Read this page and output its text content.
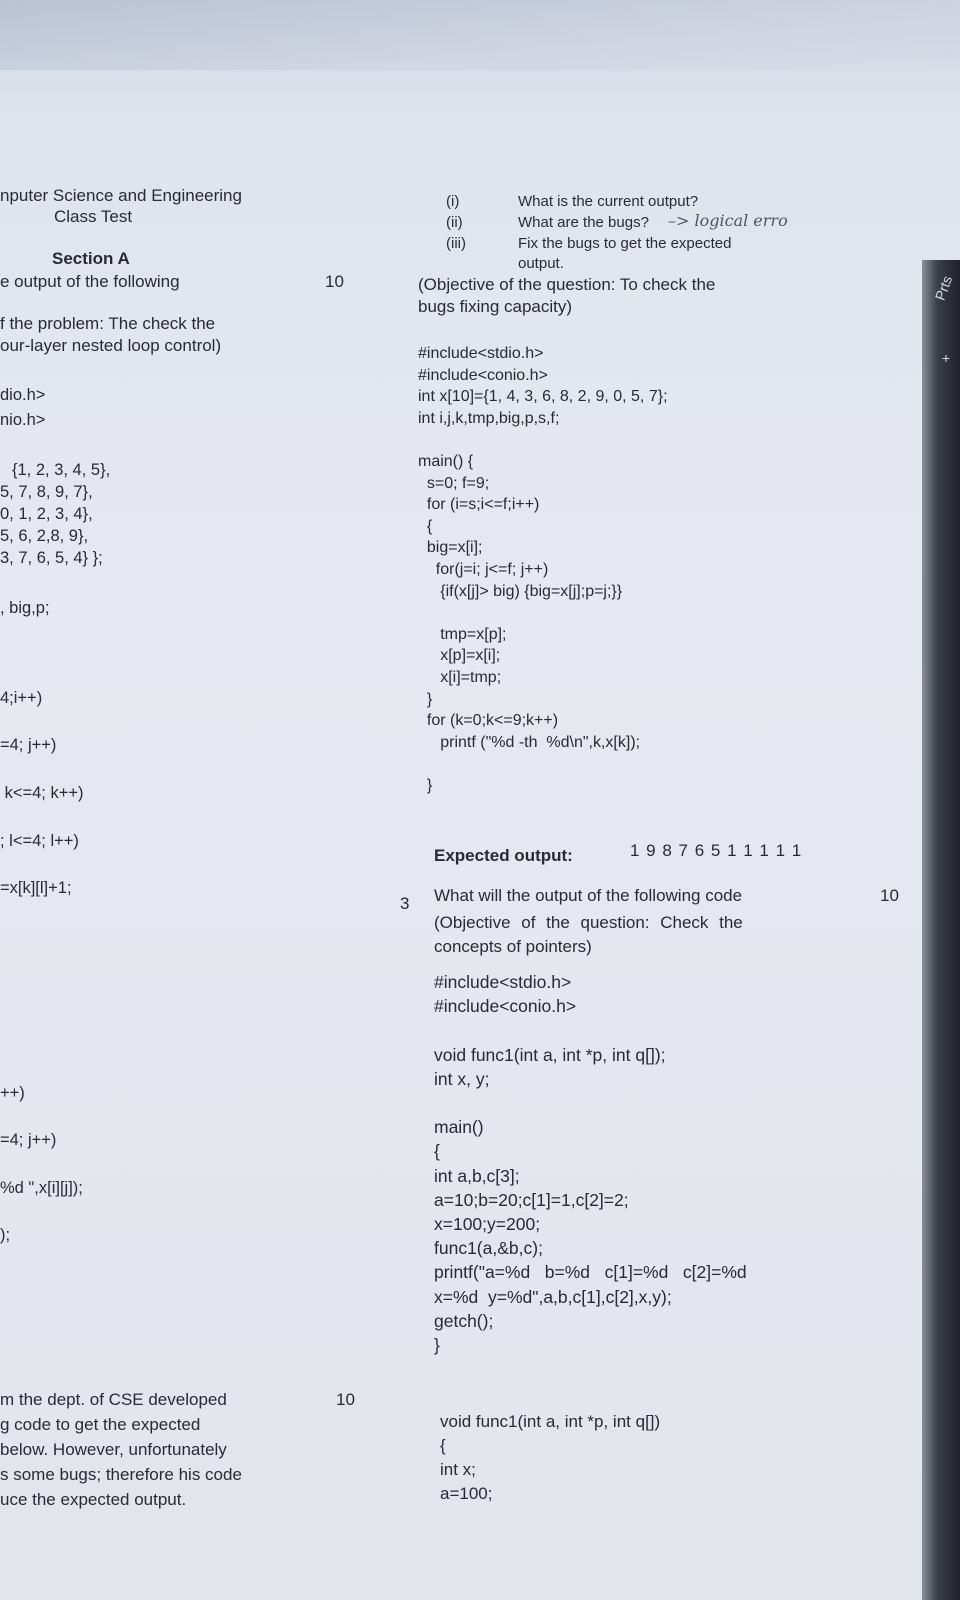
Prts
+
nputer Science and Engineering
Class Test
Section A
e output of the following	10
f the problem: The check the
our-layer nested loop control)
dio.h>
nio.h>
{1, 2, 3, 4, 5},
5, 7, 8, 9, 7},
0, 1, 2, 3, 4},
5, 6, 2,8, 9},
3, 7, 6, 5, 4} };
, big,p;
4;i++)
=4; j++)
k<=4; k++)
; l<=4; l++)
=x[k][l]+1;
++)
=4; j++)
%d ",x[i][j]);
);
10
m the dept. of CSE developed
g code to get the expected
below. However, unfortunately
s some bugs; therefore his code
uce the expected output.
(i)	What is the current output?
(ii)	What are the bugs? –> logical erro
(iii)	Fix the bugs to get the expected
output.
(Objective of the question: To check the
bugs fixing capacity)
#include<stdio.h>
#include<conio.h>
int x[10]={1, 4, 3, 6, 8, 2, 9, 0, 5, 7};
int i,j,k,tmp,big,p,s,f;
main() {
s=0; f=9;
for (i=s;i<=f;i++)
{
big=x[i];
for(j=i; j<=f; j++)
{if(x[j]> big) {big=x[j];p=j;}}
tmp=x[p];
x[p]=x[i];
x[i]=tmp;
}
for (k=0;k<=9;k++)
printf ("%d -th  %d\n",k,x[k]);
}
Expected output:	1 9 8 7 6 5 1 1 1 1 1
3 What will the output of the following code	10
(Objective of the question: Check the
concepts of pointers)
#include<stdio.h>
#include<conio.h>
void func1(int a, int *p, int q[]);
int x, y;
main()
{
int a,b,c[3];
a=10;b=20;c[1]=1,c[2]=2;
x=100;y=200;
func1(a,&b,c);
printf("a=%d   b=%d   c[1]=%d   c[2]=%d
x=%d  y=%d",a,b,c[1],c[2],x,y);
getch();
}
void func1(int a, int *p, int q[])
{
int x;
a=100;
